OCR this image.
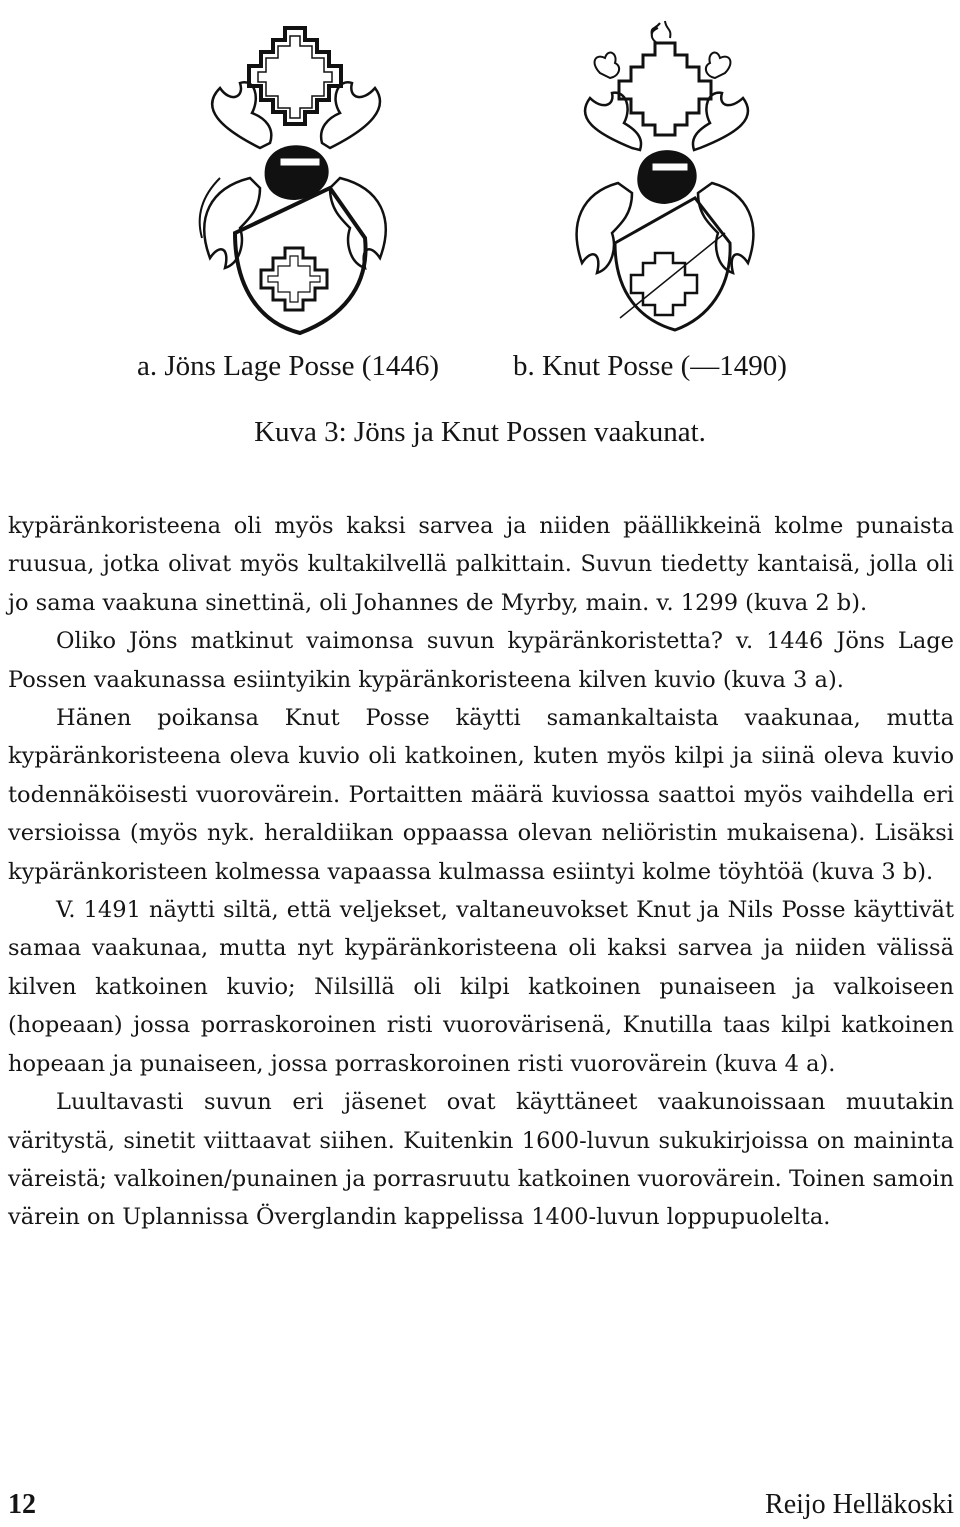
a. Jöns Lage Posse (1446)	b. Knut Posse (—1490)
Kuva 3: Jöns ja Knut Possen vaakunat.

kypäränkoristeena oli myös kaksi sarvea ja niiden päällikkeinä kolme punaista ruusua, jotka olivat myös kultakilvellä palkittain. Suvun tiedetty kantaisä, jolla oli jo sama vaakuna sinettinä, oli Johannes de Myrby, main. v. 1299 (kuva 2 b).

Oliko Jöns matkinut vaimonsa suvun kypäränkoristetta? v. 1446 Jöns Lage Possen vaakunassa esiintyikin kypäränkoristeena kilven kuvio (kuva 3 a).

Hänen poikansa Knut Posse käytti samankaltaista vaakunaa, mutta kypäränkoristeena oleva kuvio oli katkoinen, kuten myös kilpi ja siinä oleva kuvio todennäköisesti vuorovärein. Portaitten määrä kuviossa saattoi myös vaihdella eri versioissa (myös nyk. heraldiikan oppaassa olevan neliöristin mukaisena). Lisäksi kypäränkoristeen kolmessa vapaassa kulmassa esiintyi kolme töyhtöä (kuva 3 b).

V. 1491 näytti siltä, että veljekset, valtaneuvokset Knut ja Nils Posse käyttivät samaa vaakunaa, mutta nyt kypäränkoristeena oli kaksi sarvea ja niiden välissä kilven katkoinen kuvio; Nilsillä oli kilpi katkoinen punaiseen ja valkoiseen (hopeaan) jossa porraskoroinen risti vuorovärisenä, Knutilla taas kilpi katkoinen hopeaan ja punaiseen, jossa porraskoroinen risti vuorovärein (kuva 4 a).

Luultavasti suvun eri jäsenet ovat käyttäneet vaakunoissaan muutakin väritystä, sinetit viittaavat siihen. Kuitenkin 1600-luvun sukukirjoissa on maininta väreistä; valkoinen/punainen ja porrasruutu katkoinen vuorovärein. Toinen samoin värein on Uplannissa Överglandin kappelissa 1400-luvun loppupuolelta.

12	Reijo Helläkoski
